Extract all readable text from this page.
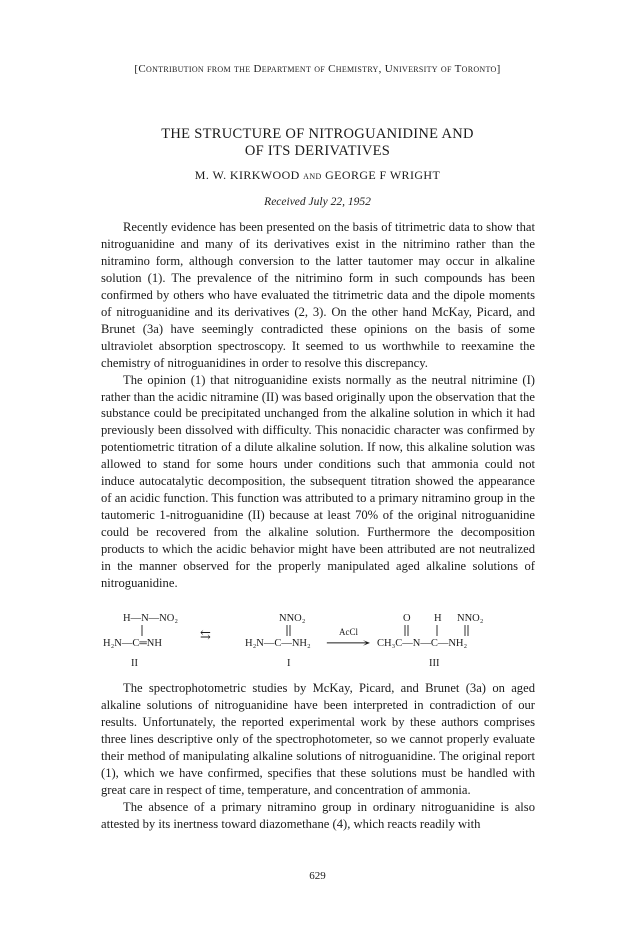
[Contribution from the Department of Chemistry, University of Toronto]
THE STRUCTURE OF NITROGUANIDINE AND
OF ITS DERIVATIVES
M. W. KIRKWOOD and GEORGE F WRIGHT
Received July 22, 1952

Recently evidence has been presented on the basis of titrimetric data to show that nitroguanidine and many of its derivatives exist in the nitrimino rather than the nitramino form, although conversion to the latter tautomer may occur in alkaline solution (1). The prevalence of the nitrimino form in such compounds has been confirmed by others who have evaluated the titrimetric data and the dipole moments of nitroguanidine and its derivatives (2, 3). On the other hand McKay, Picard, and Brunet (3a) have seemingly contradicted these opinions on the basis of some ultraviolet absorption spectroscopy. It seemed to us worthwhile to reexamine the chemistry of nitroguanidines in order to resolve this discrepancy.

The opinion (1) that nitroguanidine exists normally as the neutral nitrimine (I) rather than the acidic nitramine (II) was based originally upon the observation that the substance could be precipitated unchanged from the alkaline solution in which it had previously been dissolved with difficulty. This nonacidic character was confirmed by potentiometric titration of a dilute alkaline solution. If now, this alkaline solution was allowed to stand for some hours under conditions such that ammonia could not induce autocatalytic decomposition, the subsequent titration showed the appearance of an acidic function. This function was attributed to a primary nitramino group in the tautomeric 1-nitroguanidine (II) because at least 70% of the original nitroguanidine could be recovered from the alkaline solution. Furthermore the decomposition products to which the acidic behavior might have been attributed are not neutralized in the manner observed for the properly manipulated aged alkaline solutions of nitroguanidine.

H—N—NO₂
H₂N—C═NH
II
⇆
NNO₂
H₂N—C—NH₂
I
AcCl
⟶
O H NNO₂
CH₃C—N—C—NH₂
III

The spectrophotometric studies by McKay, Picard, and Brunet (3a) on aged alkaline solutions of nitroguanidine have been interpreted in contradiction of our results. Unfortunately, the reported experimental work by these authors comprises three lines descriptive only of the spectrophotometer, so we cannot properly evaluate their method of manipulating alkaline solutions of nitroguanidine. The original report (1), which we have confirmed, specifies that these solutions must be handled with great care in respect of time, temperature, and concentration of ammonia.

The absence of a primary nitramino group in ordinary nitroguanidine is also attested by its inertness toward diazomethane (4), which reacts readily with

629
